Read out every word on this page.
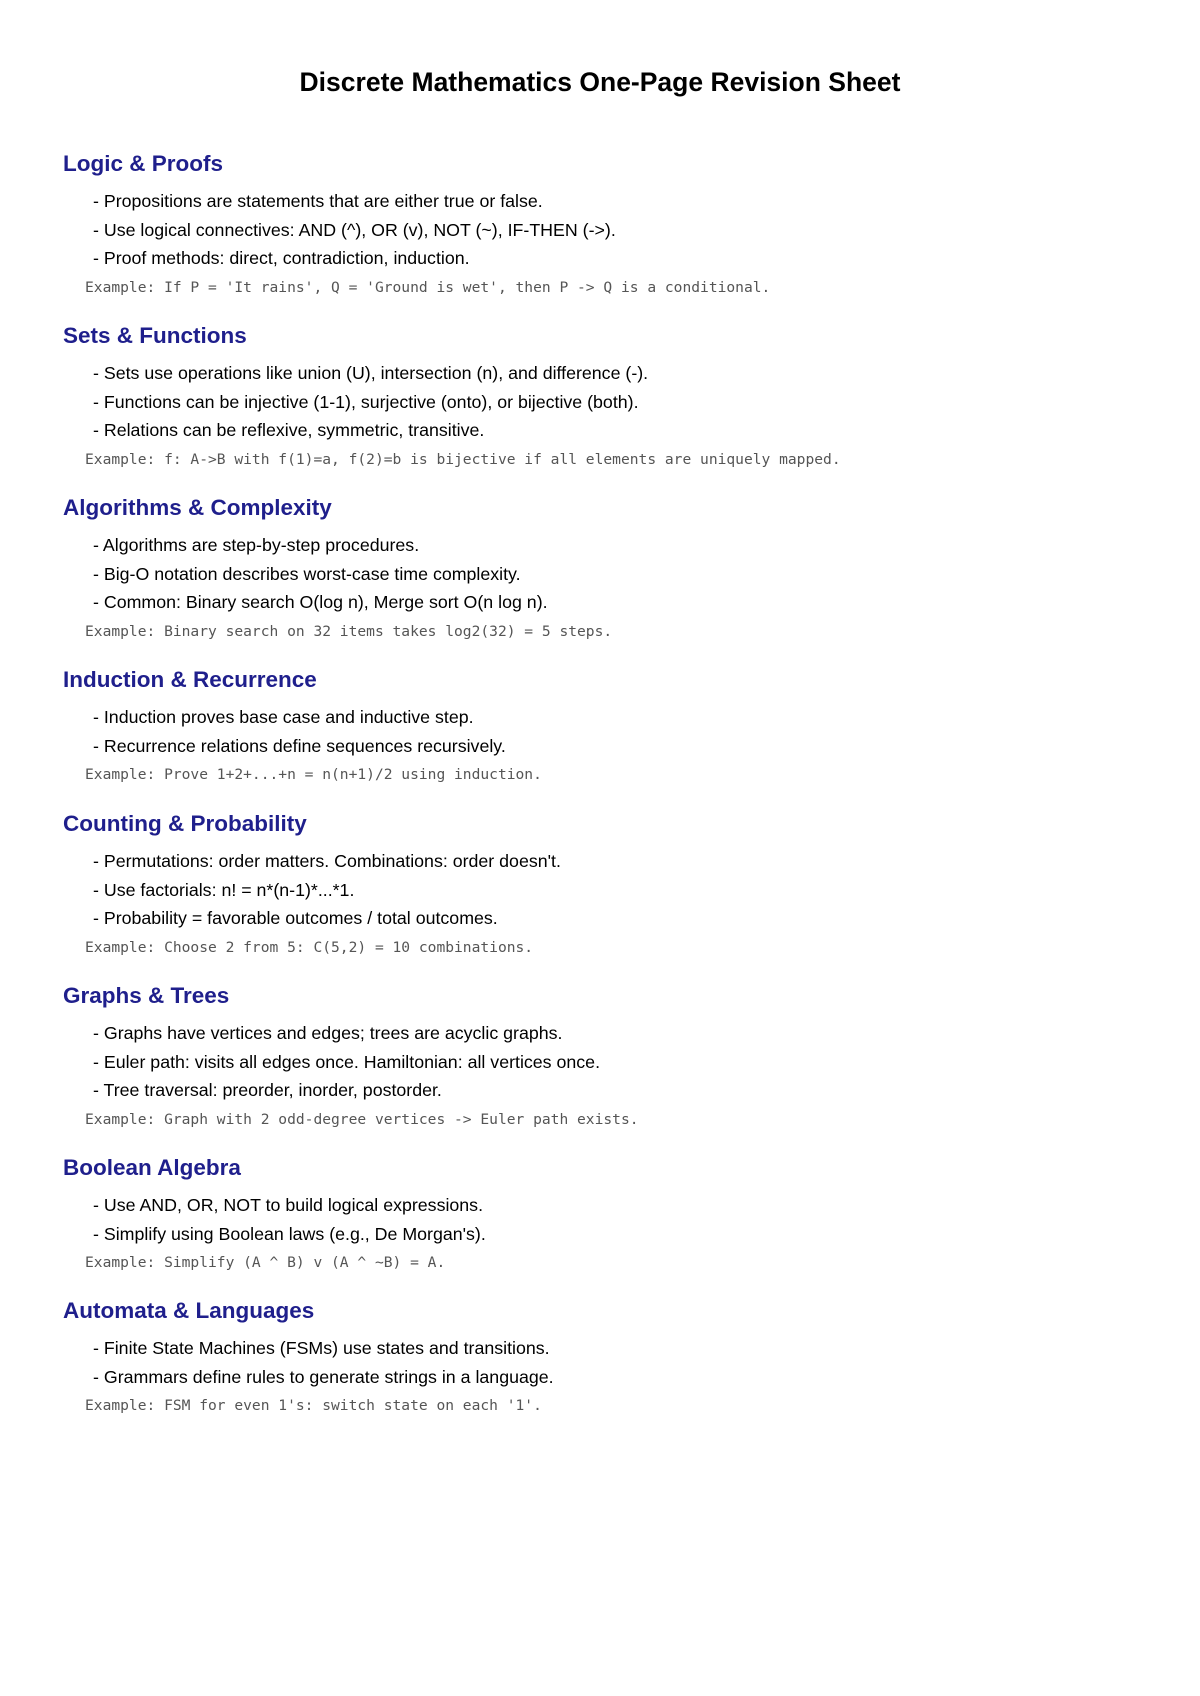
Discrete Mathematics One-Page Revision Sheet
Logic & Proofs
- Propositions are statements that are either true or false.
- Use logical connectives: AND (^), OR (v), NOT (~), IF-THEN (->).
- Proof methods: direct, contradiction, induction.
Example: If P = 'It rains', Q = 'Ground is wet', then P -> Q is a conditional.
Sets & Functions
- Sets use operations like union (U), intersection (n), and difference (-).
- Functions can be injective (1-1), surjective (onto), or bijective (both).
- Relations can be reflexive, symmetric, transitive.
Example: f: A->B with f(1)=a, f(2)=b is bijective if all elements are uniquely mapped.
Algorithms & Complexity
- Algorithms are step-by-step procedures.
- Big-O notation describes worst-case time complexity.
- Common: Binary search O(log n), Merge sort O(n log n).
Example: Binary search on 32 items takes log2(32) = 5 steps.
Induction & Recurrence
- Induction proves base case and inductive step.
- Recurrence relations define sequences recursively.
Example: Prove 1+2+...+n = n(n+1)/2 using induction.
Counting & Probability
- Permutations: order matters. Combinations: order doesn't.
- Use factorials: n! = n*(n-1)*...*1.
- Probability = favorable outcomes / total outcomes.
Example: Choose 2 from 5: C(5,2) = 10 combinations.
Graphs & Trees
- Graphs have vertices and edges; trees are acyclic graphs.
- Euler path: visits all edges once. Hamiltonian: all vertices once.
- Tree traversal: preorder, inorder, postorder.
Example: Graph with 2 odd-degree vertices -> Euler path exists.
Boolean Algebra
- Use AND, OR, NOT to build logical expressions.
- Simplify using Boolean laws (e.g., De Morgan's).
Example: Simplify (A ^ B) v (A ^ ~B) = A.
Automata & Languages
- Finite State Machines (FSMs) use states and transitions.
- Grammars define rules to generate strings in a language.
Example: FSM for even 1's: switch state on each '1'.
